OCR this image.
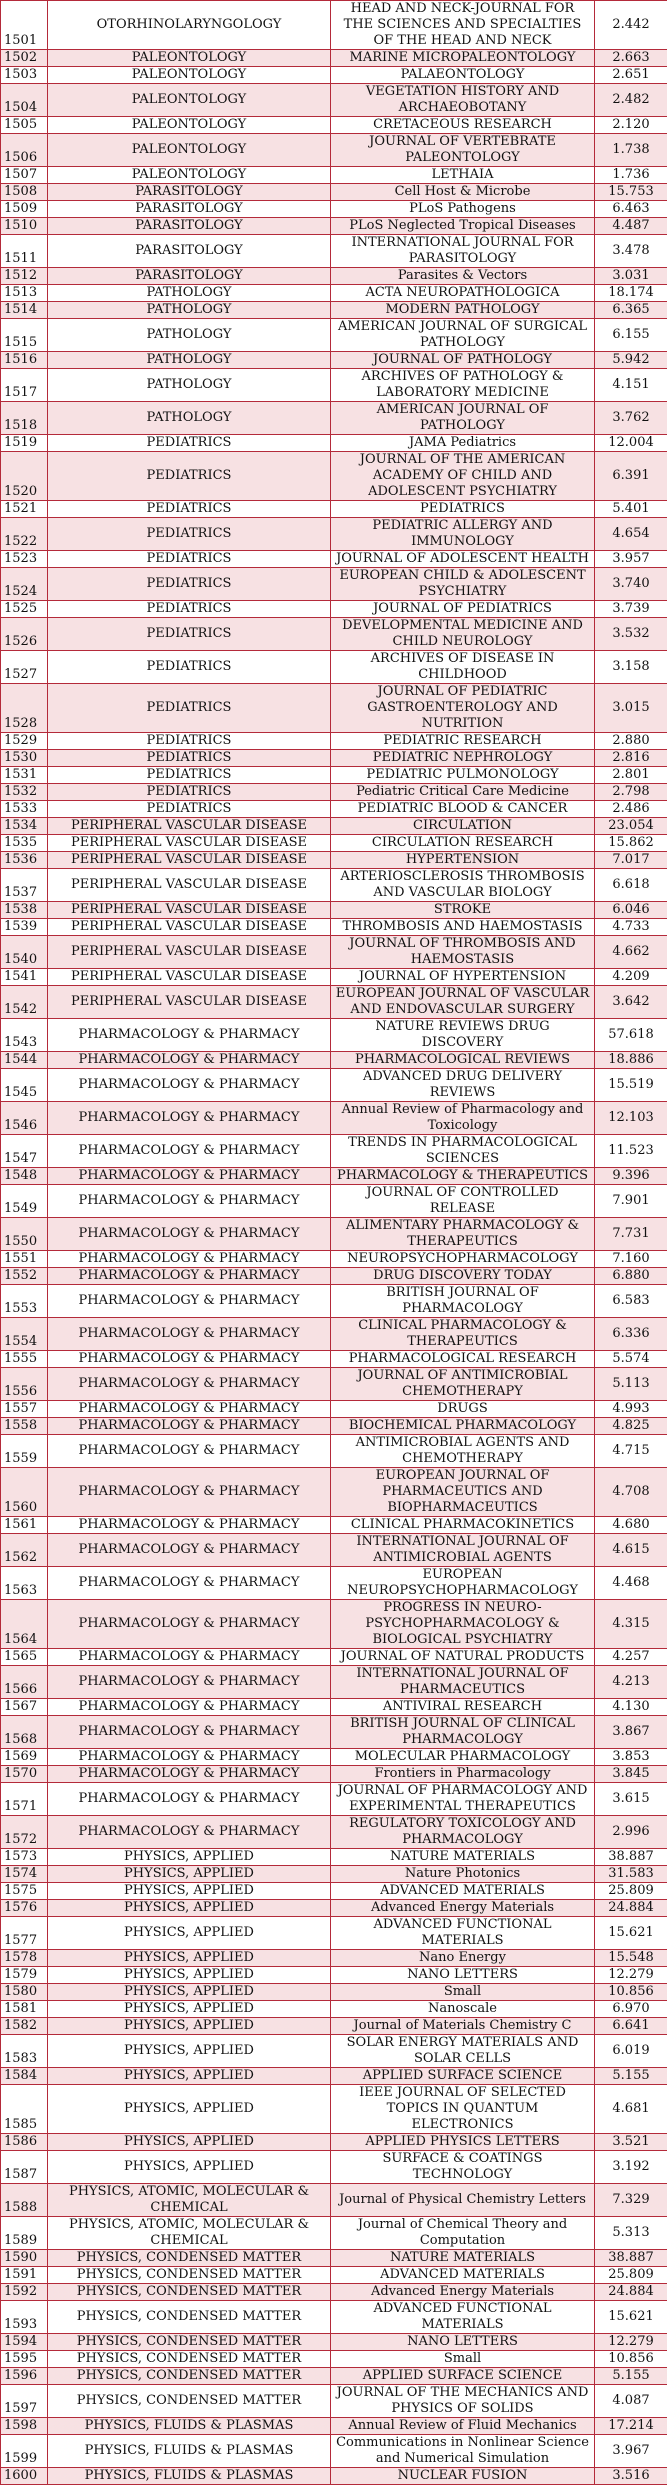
1501	OTORHINOLARYNGOLOGY	HEAD AND NECK-JOURNAL FOR THE SCIENCES AND SPECIALTIES OF THE HEAD AND NECK	2.442
1502	PALEONTOLOGY	MARINE MICROPALEONTOLOGY	2.663
1503	PALEONTOLOGY	PALAEONTOLOGY	2.651
1504	PALEONTOLOGY	VEGETATION HISTORY AND ARCHAEOBOTANY	2.482
1505	PALEONTOLOGY	CRETACEOUS RESEARCH	2.120
1506	PALEONTOLOGY	JOURNAL OF VERTEBRATE PALEONTOLOGY	1.738
1507	PALEONTOLOGY	LETHAIA	1.736
1508	PARASITOLOGY	Cell Host & Microbe	15.753
1509	PARASITOLOGY	PLoS Pathogens	6.463
1510	PARASITOLOGY	PLoS Neglected Tropical Diseases	4.487
1511	PARASITOLOGY	INTERNATIONAL JOURNAL FOR PARASITOLOGY	3.478
1512	PARASITOLOGY	Parasites & Vectors	3.031
1513	PATHOLOGY	ACTA NEUROPATHOLOGICA	18.174
1514	PATHOLOGY	MODERN PATHOLOGY	6.365
1515	PATHOLOGY	AMERICAN JOURNAL OF SURGICAL PATHOLOGY	6.155
1516	PATHOLOGY	JOURNAL OF PATHOLOGY	5.942
1517	PATHOLOGY	ARCHIVES OF PATHOLOGY & LABORATORY MEDICINE	4.151
1518	PATHOLOGY	AMERICAN JOURNAL OF PATHOLOGY	3.762
1519	PEDIATRICS	JAMA Pediatrics	12.004
1520	PEDIATRICS	JOURNAL OF THE AMERICAN ACADEMY OF CHILD AND ADOLESCENT PSYCHIATRY	6.391
1521	PEDIATRICS	PEDIATRICS	5.401
1522	PEDIATRICS	PEDIATRIC ALLERGY AND IMMUNOLOGY	4.654
1523	PEDIATRICS	JOURNAL OF ADOLESCENT HEALTH	3.957
1524	PEDIATRICS	EUROPEAN CHILD & ADOLESCENT PSYCHIATRY	3.740
1525	PEDIATRICS	JOURNAL OF PEDIATRICS	3.739
1526	PEDIATRICS	DEVELOPMENTAL MEDICINE AND CHILD NEUROLOGY	3.532
1527	PEDIATRICS	ARCHIVES OF DISEASE IN CHILDHOOD	3.158
1528	PEDIATRICS	JOURNAL OF PEDIATRIC GASTROENTEROLOGY AND NUTRITION	3.015
1529	PEDIATRICS	PEDIATRIC RESEARCH	2.880
1530	PEDIATRICS	PEDIATRIC NEPHROLOGY	2.816
1531	PEDIATRICS	PEDIATRIC PULMONOLOGY	2.801
1532	PEDIATRICS	Pediatric Critical Care Medicine	2.798
1533	PEDIATRICS	PEDIATRIC BLOOD & CANCER	2.486
1534	PERIPHERAL VASCULAR DISEASE	CIRCULATION	23.054
1535	PERIPHERAL VASCULAR DISEASE	CIRCULATION RESEARCH	15.862
1536	PERIPHERAL VASCULAR DISEASE	HYPERTENSION	7.017
1537	PERIPHERAL VASCULAR DISEASE	ARTERIOSCLEROSIS THROMBOSIS AND VASCULAR BIOLOGY	6.618
1538	PERIPHERAL VASCULAR DISEASE	STROKE	6.046
1539	PERIPHERAL VASCULAR DISEASE	THROMBOSIS AND HAEMOSTASIS	4.733
1540	PERIPHERAL VASCULAR DISEASE	JOURNAL OF THROMBOSIS AND HAEMOSTASIS	4.662
1541	PERIPHERAL VASCULAR DISEASE	JOURNAL OF HYPERTENSION	4.209
1542	PERIPHERAL VASCULAR DISEASE	EUROPEAN JOURNAL OF VASCULAR AND ENDOVASCULAR SURGERY	3.642
1543	PHARMACOLOGY & PHARMACY	NATURE REVIEWS DRUG DISCOVERY	57.618
1544	PHARMACOLOGY & PHARMACY	PHARMACOLOGICAL REVIEWS	18.886
1545	PHARMACOLOGY & PHARMACY	ADVANCED DRUG DELIVERY REVIEWS	15.519
1546	PHARMACOLOGY & PHARMACY	Annual Review of Pharmacology and Toxicology	12.103
1547	PHARMACOLOGY & PHARMACY	TRENDS IN PHARMACOLOGICAL SCIENCES	11.523
1548	PHARMACOLOGY & PHARMACY	PHARMACOLOGY & THERAPEUTICS	9.396
1549	PHARMACOLOGY & PHARMACY	JOURNAL OF CONTROLLED RELEASE	7.901
1550	PHARMACOLOGY & PHARMACY	ALIMENTARY PHARMACOLOGY & THERAPEUTICS	7.731
1551	PHARMACOLOGY & PHARMACY	NEUROPSYCHOPHARMACOLOGY	7.160
1552	PHARMACOLOGY & PHARMACY	DRUG DISCOVERY TODAY	6.880
1553	PHARMACOLOGY & PHARMACY	BRITISH JOURNAL OF PHARMACOLOGY	6.583
1554	PHARMACOLOGY & PHARMACY	CLINICAL PHARMACOLOGY & THERAPEUTICS	6.336
1555	PHARMACOLOGY & PHARMACY	PHARMACOLOGICAL RESEARCH	5.574
1556	PHARMACOLOGY & PHARMACY	JOURNAL OF ANTIMICROBIAL CHEMOTHERAPY	5.113
1557	PHARMACOLOGY & PHARMACY	DRUGS	4.993
1558	PHARMACOLOGY & PHARMACY	BIOCHEMICAL PHARMACOLOGY	4.825
1559	PHARMACOLOGY & PHARMACY	ANTIMICROBIAL AGENTS AND CHEMOTHERAPY	4.715
1560	PHARMACOLOGY & PHARMACY	EUROPEAN JOURNAL OF PHARMACEUTICS AND BIOPHARMACEUTICS	4.708
1561	PHARMACOLOGY & PHARMACY	CLINICAL PHARMACOKINETICS	4.680
1562	PHARMACOLOGY & PHARMACY	INTERNATIONAL JOURNAL OF ANTIMICROBIAL AGENTS	4.615
1563	PHARMACOLOGY & PHARMACY	EUROPEAN NEUROPSYCHOPHARMACOLOGY	4.468
1564	PHARMACOLOGY & PHARMACY	PROGRESS IN NEURO-PSYCHOPHARMACOLOGY & BIOLOGICAL PSYCHIATRY	4.315
1565	PHARMACOLOGY & PHARMACY	JOURNAL OF NATURAL PRODUCTS	4.257
1566	PHARMACOLOGY & PHARMACY	INTERNATIONAL JOURNAL OF PHARMACEUTICS	4.213
1567	PHARMACOLOGY & PHARMACY	ANTIVIRAL RESEARCH	4.130
1568	PHARMACOLOGY & PHARMACY	BRITISH JOURNAL OF CLINICAL PHARMACOLOGY	3.867
1569	PHARMACOLOGY & PHARMACY	MOLECULAR PHARMACOLOGY	3.853
1570	PHARMACOLOGY & PHARMACY	Frontiers in Pharmacology	3.845
1571	PHARMACOLOGY & PHARMACY	JOURNAL OF PHARMACOLOGY AND EXPERIMENTAL THERAPEUTICS	3.615
1572	PHARMACOLOGY & PHARMACY	REGULATORY TOXICOLOGY AND PHARMACOLOGY	2.996
1573	PHYSICS, APPLIED	NATURE MATERIALS	38.887
1574	PHYSICS, APPLIED	Nature Photonics	31.583
1575	PHYSICS, APPLIED	ADVANCED MATERIALS	25.809
1576	PHYSICS, APPLIED	Advanced Energy Materials	24.884
1577	PHYSICS, APPLIED	ADVANCED FUNCTIONAL MATERIALS	15.621
1578	PHYSICS, APPLIED	Nano Energy	15.548
1579	PHYSICS, APPLIED	NANO LETTERS	12.279
1580	PHYSICS, APPLIED	Small	10.856
1581	PHYSICS, APPLIED	Nanoscale	6.970
1582	PHYSICS, APPLIED	Journal of Materials Chemistry C	6.641
1583	PHYSICS, APPLIED	SOLAR ENERGY MATERIALS AND SOLAR CELLS	6.019
1584	PHYSICS, APPLIED	APPLIED SURFACE SCIENCE	5.155
1585	PHYSICS, APPLIED	IEEE JOURNAL OF SELECTED TOPICS IN QUANTUM ELECTRONICS	4.681
1586	PHYSICS, APPLIED	APPLIED PHYSICS LETTERS	3.521
1587	PHYSICS, APPLIED	SURFACE & COATINGS TECHNOLOGY	3.192
1588	PHYSICS, ATOMIC, MOLECULAR & CHEMICAL	Journal of Physical Chemistry Letters	7.329
1589	PHYSICS, ATOMIC, MOLECULAR & CHEMICAL	Journal of Chemical Theory and Computation	5.313
1590	PHYSICS, CONDENSED MATTER	NATURE MATERIALS	38.887
1591	PHYSICS, CONDENSED MATTER	ADVANCED MATERIALS	25.809
1592	PHYSICS, CONDENSED MATTER	Advanced Energy Materials	24.884
1593	PHYSICS, CONDENSED MATTER	ADVANCED FUNCTIONAL MATERIALS	15.621
1594	PHYSICS, CONDENSED MATTER	NANO LETTERS	12.279
1595	PHYSICS, CONDENSED MATTER	Small	10.856
1596	PHYSICS, CONDENSED MATTER	APPLIED SURFACE SCIENCE	5.155
1597	PHYSICS, CONDENSED MATTER	JOURNAL OF THE MECHANICS AND PHYSICS OF SOLIDS	4.087
1598	PHYSICS, FLUIDS & PLASMAS	Annual Review of Fluid Mechanics	17.214
1599	PHYSICS, FLUIDS & PLASMAS	Communications in Nonlinear Science and Numerical Simulation	3.967
1600	PHYSICS, FLUIDS & PLASMAS	NUCLEAR FUSION	3.516
